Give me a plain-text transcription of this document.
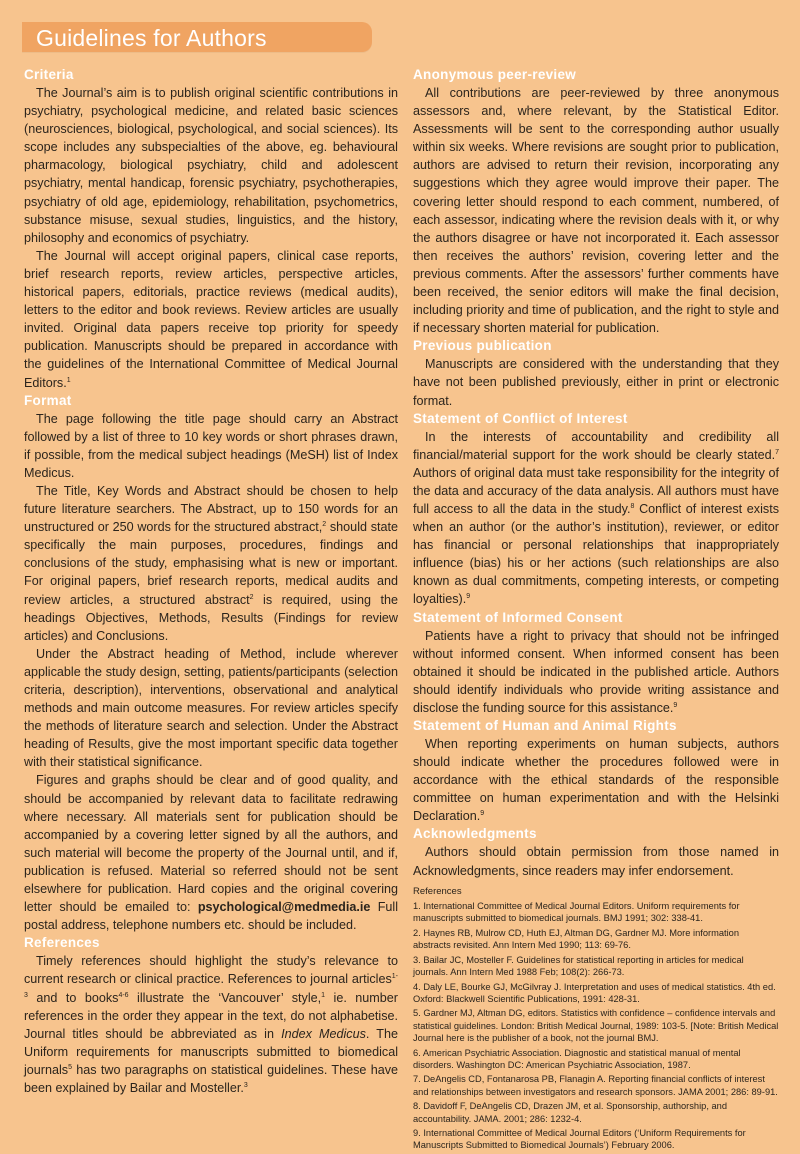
Guidelines for Authors
Criteria

The Journal’s aim is to publish original scientific contributions in psychiatry, psychological medicine, and related basic sciences (neurosciences, biological, psychological, and social sciences). Its scope includes any subspecialties of the above, eg. behavioural pharmacology, biological psychiatry, child and adolescent psychiatry, mental handicap, forensic psychiatry, psychotherapies, psychiatry of old age, epidemiology, rehabilitation, psychometrics, substance misuse, sexual studies, linguistics, and the history, philosophy and economics of psychiatry.

The Journal will accept original papers, clinical case reports, brief research reports, review articles, perspective articles, historical papers, editorials, practice reviews (medical audits), letters to the editor and book reviews. Review articles are usually invited. Original data papers receive top priority for speedy publication. Manuscripts should be prepared in accordance with the guidelines of the International Committee of Medical Journal Editors.$^1$

Format

The page following the title page should carry an Abstract followed by a list of three to 10 key words or short phrases drawn, if possible, from the medical subject headings (MeSH) list of Index Medicus.

The Title, Key Words and Abstract should be chosen to help future literature searchers. The Abstract, up to 150 words for an unstructured or 250 words for the structured abstract,$^2$ should state specifically the main purposes, procedures, findings and conclusions of the study, emphasising what is new or important. For original papers, brief research reports, medical audits and review articles, a structured abstract$^2$ is required, using the headings Objectives, Methods, Results (Findings for review articles) and Conclusions.

Under the Abstract heading of Method, include wherever applicable the study design, setting, patients/participants (selection criteria, description), interventions, observational and analytical methods and main outcome measures. For review articles specify the methods of literature search and selection. Under the Abstract heading of Results, give the most important specific data together with their statistical significance.

Figures and graphs should be clear and of good quality, and should be accompanied by relevant data to facilitate redrawing where necessary. All materials sent for publication should be accompanied by a covering letter signed by all the authors, and such material will become the property of the Journal until, and if, publication is refused. Material so referred should not be sent elsewhere for publication. Hard copies and the original covering letter should be emailed to: psychological@medmedia.ie Full postal address, telephone numbers etc. should be included.

References

Timely references should highlight the study’s relevance to current research or clinical practice. References to journal articles$^{1-3}$ and to books$^{4-6}$ illustrate the ‘Vancouver’ style,$^1$ ie. number references in the order they appear in the text, do not alphabetise. Journal titles should be abbreviated as in Index Medicus. The Uniform requirements for manuscripts submitted to biomedical journals$^5$ has two paragraphs on statistical guidelines. These have been explained by Bailar and Mosteller.$^3$

Anonymous peer-review

All contributions are peer-reviewed by three anonymous assessors and, where relevant, by the Statistical Editor. Assessments will be sent to the corresponding author usually within six weeks. Where revisions are sought prior to publication, authors are advised to return their revision, incorporating any suggestions which they agree would improve their paper. The covering letter should respond to each comment, numbered, of each assessor, indicating where the revision deals with it, or why the authors disagree or have not incorporated it. Each assessor then receives the authors’ revision, covering letter and the previous comments. After the assessors’ further comments have been received, the senior editors will make the final decision, including priority and time of publication, and the right to style and if necessary shorten material for publication.

Previous publication

Manuscripts are considered with the understanding that they have not been published previously, either in print or electronic format.

Statement of Conflict of Interest

In the interests of accountability and credibility all financial/material support for the work should be clearly stated.$^7$ Authors of original data must take responsibility for the integrity of the data and accuracy of the data analysis. All authors must have full access to all the data in the study.$^8$ Conflict of interest exists when an author (or the author’s institution), reviewer, or editor has financial or personal relationships that inappropriately influence (bias) his or her actions (such relationships are also known as dual commitments, competing interests, or competing loyalties).$^9$

Statement of Informed Consent

Patients have a right to privacy that should not be infringed without informed consent. When informed consent has been obtained it should be indicated in the published article. Authors should identify individuals who provide writing assistance and disclose the funding source for this assistance.$^9$

Statement of Human and Animal Rights

When reporting experiments on human subjects, authors should indicate whether the procedures followed were in accordance with the ethical standards of the responsible committee on human experimentation and with the Helsinki Declaration.$^9$

Acknowledgments

Authors should obtain permission from those named in Acknowledgments, since readers may infer endorsement.

References

1. International Committee of Medical Journal Editors. Uniform requirements for manuscripts submitted to biomedical journals. BMJ 1991; 302: 338-41.

2. Haynes RB, Mulrow CD, Huth EJ, Altman DG, Gardner MJ. More information abstracts revisited. Ann Intern Med 1990; 113: 69-76.

3. Bailar JC, Mosteller F. Guidelines for statistical reporting in articles for medical journals. Ann Intern Med 1988 Feb; 108(2): 266-73.

4. Daly LE, Bourke GJ, McGilvray J. Interpretation and uses of medical statistics. 4th ed. Oxford: Blackwell Scientific Publications, 1991: 428-31.

5. Gardner MJ, Altman DG, editors. Statistics with confidence – confidence intervals and statistical guidelines. London: British Medical Journal, 1989: 103-5. [Note: British Medical Journal here is the publisher of a book, not the journal BMJ.

6. American Psychiatric Association. Diagnostic and statistical manual of mental disorders. Washington DC: American Psychiatric Association, 1987.

7. DeAngelis CD, Fontanarosa PB, Flanagin A. Reporting financial conflicts of interest and relationships between investigators and research sponsors. JAMA 2001; 286: 89-91.

8. Davidoff F, DeAngelis CD, Drazen JM, et al. Sponsorship, authorship, and accountability. JAMA. 2001; 286: 1232-4.

9. International Committee of Medical Journal Editors (‘Uniform Requirements for Manuscripts Submitted to Biomedical Journals’) February 2006.
